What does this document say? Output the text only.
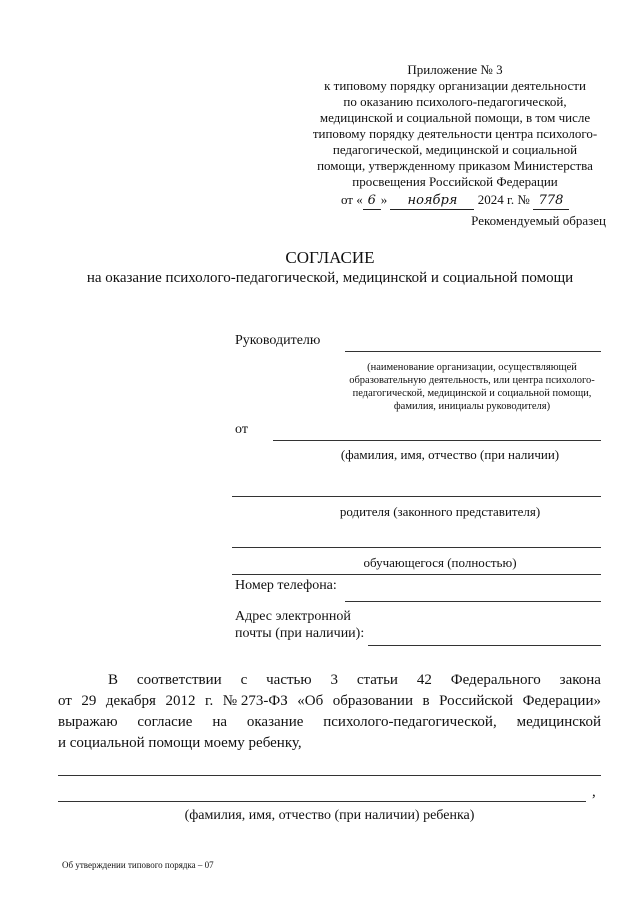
Приложение № 3
к типовому порядку организации деятельности
по оказанию психолого-педагогической,
медицинской и социальной помощи, в том числе
типовому порядку деятельности центра психолого-
педагогической, медицинской и социальной
помощи, утвержденному приказом Министерства
просвещения Российской Федерации
от « 6 » ноября 2024 г. № 778
Рекомендуемый образец
СОГЛАСИЕ
на оказание психолого-педагогической, медицинской и социальной помощи
Руководителю
(наименование организации, осуществляющей
образовательную деятельность, или центра психолого-
педагогической, медицинской и социальной помощи,
фамилия, инициалы руководителя)
от
(фамилия, имя, отчество (при наличии)
родителя (законного представителя)
обучающегося (полностью)
Номер телефона:
Адрес электронной
почты (при наличии):
В соответствии с частью 3 статьи 42 Федерального закона
от 29 декабря 2012 г. № 273-ФЗ «Об образовании в Российской Федерации»
выражаю согласие на оказание психолого-педагогической, медицинской
и социальной помощи моему ребенку,
,
(фамилия, имя, отчество (при наличии) ребенка)
Об утверждении типового порядка – 07
